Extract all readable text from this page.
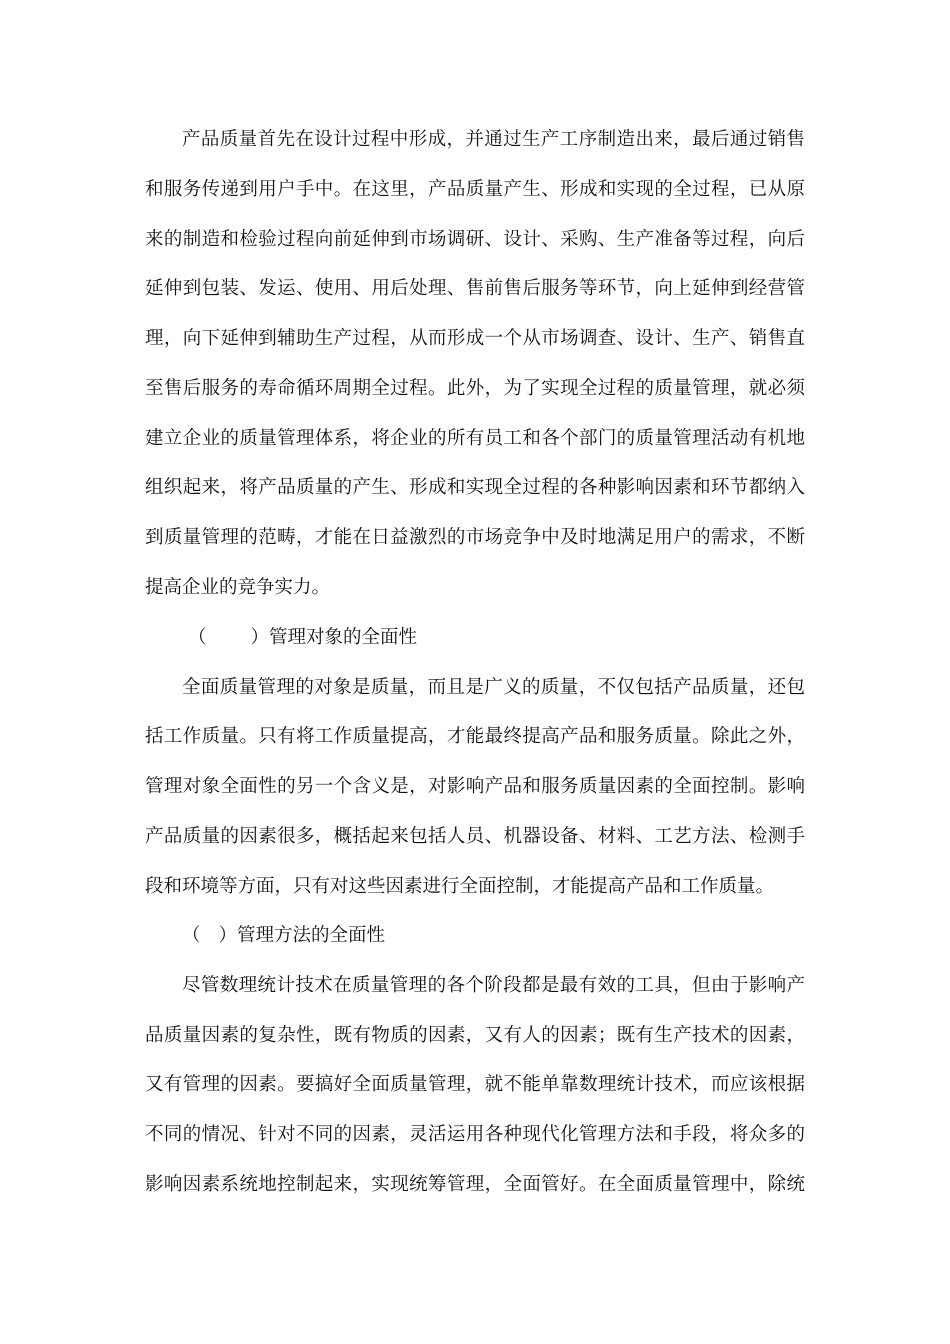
产品质量首先在设计过程中形成，并通过生产工序制造出来，最后通过销售
和服务传递到用户手中。在这里，产品质量产生、形成和实现的全过程，已从原
来的制造和检验过程向前延伸到市场调研、设计、采购、生产准备等过程，向后
延伸到包装、发运、使用、用后处理、售前售后服务等环节，向上延伸到经营管
理，向下延伸到辅助生产过程，从而形成一个从市场调查、设计、生产、销售直
至售后服务的寿命循环周期全过程。此外，为了实现全过程的质量管理，就必须
建立企业的质量管理体系，将企业的所有员工和各个部门的质量管理活动有机地
组织起来，将产品质量的产生、形成和实现全过程的各种影响因素和环节都纳入
到质量管理的范畴，才能在日益激烈的市场竞争中及时地满足用户的需求，不断
提高企业的竞争实力。
（ ）管理对象的全面性
全面质量管理的对象是质量，而且是广义的质量，不仅包括产品质量，还包
括工作质量。只有将工作质量提高，才能最终提高产品和服务质量。除此之外，
管理对象全面性的另一个含义是，对影响产品和服务质量因素的全面控制。影响
产品质量的因素很多，概括起来包括人员、机器设备、材料、工艺方法、检测手
段和环境等方面，只有对这些因素进行全面控制，才能提高产品和工作质量。
（ ）管理方法的全面性
尽管数理统计技术在质量管理的各个阶段都是最有效的工具，但由于影响产
品质量因素的复杂性，既有物质的因素，又有人的因素；既有生产技术的因素，
又有管理的因素。要搞好全面质量管理，就不能单靠数理统计技术，而应该根据
不同的情况、针对不同的因素，灵活运用各种现代化管理方法和手段，将众多的
影响因素系统地控制起来，实现统筹管理，全面管好。在全面质量管理中，除统
